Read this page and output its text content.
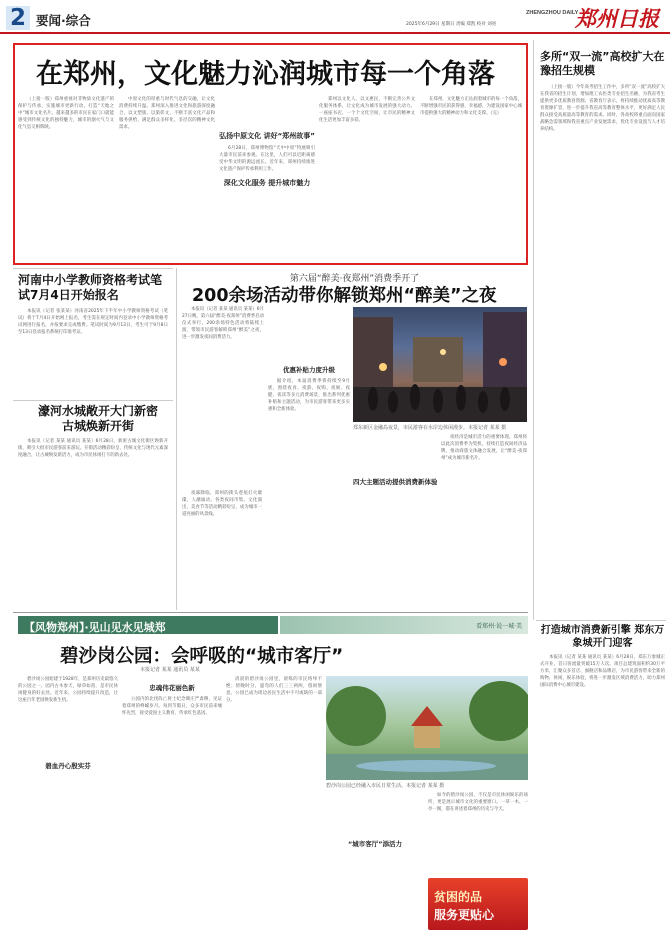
2 要闻·综合	2025年6月29日 星期日 责编 郑凯 校对 刘亮
ZHENGZHOU DAILY
郑州日报
在郑州，文化魅力沁润城市每一个角落
（上接一版）郑州重视对非物质文化遗产的保护与传承，实施城市更新行动，打造“天地之中”城市文化名片。越来越多的市民在家门口就能感受到传统文化的独特魅力，城市的烟火气与文化气息交相辉映。
中原文化的厚重与时代气息的交融，让文化消费持续升温。郑州深入推进文化和旅游深度融合，以文塑旅、以旅彰文，不断丰富文化产品和服务供给，满足群众多样化、多层次的精神文化需求。
弘扬中原文化 讲好“郑州故事”
6月28日，郑州博物馆“天中中原”特展吸引大量市民前来参观。在这里，人们可以近距离感受中华文明的源远流长。近年来，郑州持续推进文化遗产保护传承利用工作。
深化文化服务 提升城市魅力
郑州以文化人、以文惠民，不断完善公共文化服务体系，让文化成为城市发展的强大动力。一座座书店、一个个文化空间，让市民的精神文化生活更加丰富多彩。
在郑州，文化魅力正沁润着城市的每一个角落，不断增强市民的获得感、幸福感，为建设国家中心城市提供强大的精神动力和文化支撑。（完）
多所“双一流”高校扩大在豫招生规模
（上接一版）今年高考招生工作中，多所“双一流”高校扩大在我省的招生计划，增加理工农医类专业招生名额，为我省考生提供更多优质教育资源。省教育厅表示，将持续推动优质高等教育资源扩容，进一步提升我省高等教育整体水平，更好满足人民群众接受高质量高等教育的需求。同时，各高校将重点面向国家战略急需领域和我省重点产业发展需求，优化专业设置与人才培养结构。
河南中小学教师资格考试笔试7月4日开始报名
本报讯（记者 张某某）河南省2025年下半年中小学教师资格考试（笔试）将于7月4日开始网上报名，考生需在规定时间内登录中小学教师资格考试网进行报名，并按要求完成缴费。笔试时间为9月13日，考生可于9月8日至13日登录报名系统打印准考证。
濠河水城敞开大门新密古城焕新开街
本报讯（记者 某某 通讯员 某某）6月28日，新密古城文化街区焕新开街，吸引大批市民游客前来游玩。开街活动精彩纷呈，传统文化与现代元素深度融合，让古城焕发新活力，成为市民休闲打卡的新去处。
第六届“醉美·夜郑州”消费季开了
200余场活动带你解锁郑州“醉美”之夜
本报讯（记者 某某 通讯员 某某）6月27日晚，第六届“醉美·夜郑州”消费季启动仪式举行，200余场特色活动将陆续上演，带领市民游客解锁郑州“醉美”之夜，进一步激发夜间消费活力。
优惠补贴力度升级
据介绍，本届消费季将持续至9月底，围绕夜食、夜游、夜购、夜娱、夜健、夜读等多元消费场景，推出系列优惠补贴和主题活动，为市民游客带来更多实惠和全新体验。
夜幕降临，郑州的街头巷尾灯火璀璨，人潮涌动。各类夜间市集、文化演出、美食节等活动精彩纷呈，成为城市一道亮丽的风景线。
郑东新区金融岛夜景，市民游客在水岸边休闲漫步。本报记者 某某 摄
四大主题活动提供消费新体验
夜经济是城市活力的重要体现。郑州将以此次消费季为契机，持续打造夜间经济品牌，推动商旅文体融合发展，让“醉美·夜郑州”成为城市新名片。
【风物郑州】·见山见水见城郑	看郑州·说一城·美
碧沙岗公园：会呼吸的“城市客厅”
本报记者 某某 通讯员 某某
碧沙岗公园始建于1928年，是郑州历史最悠久的公园之一。园内古木参天，绿草如茵，是市民休闲健身的好去处。近年来，公园持续提升改造，让这座百年老园焕发新生机。
碧血丹心殷实芬
忠魂伟花丽色新
公园内的北伐阵亡将士纪念碑庄严肃穆，见证着郑州的峥嵘岁月。每到节假日，众多市民前来缅怀先烈，接受爱国主义教育，传承红色基因。
清晨的碧沙岗公园里，晨练的市民络绎不绝；傍晚时分，遛弯的人们三三两两，悠闲惬意。公园已成为周边居民生活中不可或缺的一部分。
碧沙岗公园已经融入市民日常生活。本报记者 某某 摄
“城市客厅”添活力
如今的碧沙岗公园，不仅是市民休闲娱乐的场所，更是展示城市文化的重要窗口。一草一木、一亭一阁，都在讲述着郑州的历史与今天。
贫困的品
服务更贴心
打造城市消费新引擎 郑东万象城开门迎客
本报讯（记者 某某 通讯员 某某）6月28日，郑东万象城正式开业，首日客流量突破15万人次。项目总建筑面积约30万平方米，汇聚众多首店、旗舰店和品牌店，为市民游客带来全新的购物、休闲、娱乐体验，将进一步激发区域消费活力，助力郑州国际消费中心城市建设。
